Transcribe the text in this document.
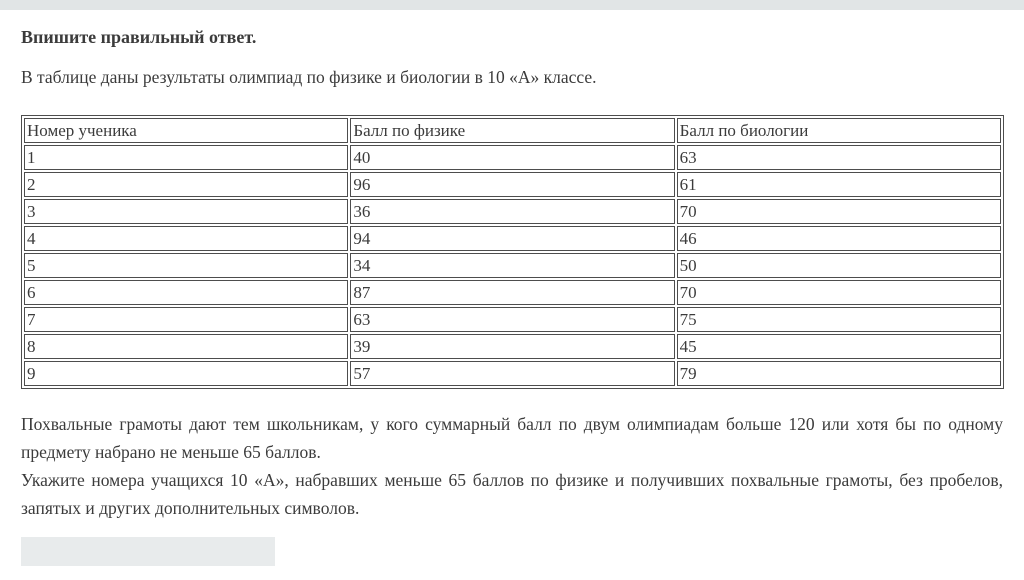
Впишите правильный ответ.

В таблице даны результаты олимпиад по физике и биологии в 10 «А» классе.

Номер ученика	Балл по физике	Балл по биологии
1	40	63
2	96	61
3	36	70
4	94	46
5	34	50
6	87	70
7	63	75
8	39	45
9	57	79

Похвальные грамоты дают тем школьникам, у кого суммарный балл по двум олимпиадам больше 120 или хотя бы по одному предмету набрано не меньше 65 баллов.

Укажите номера учащихся 10 «А», набравших меньше 65 баллов по физике и получивших похвальные грамоты, без пробелов, запятых и других дополнительных символов.
